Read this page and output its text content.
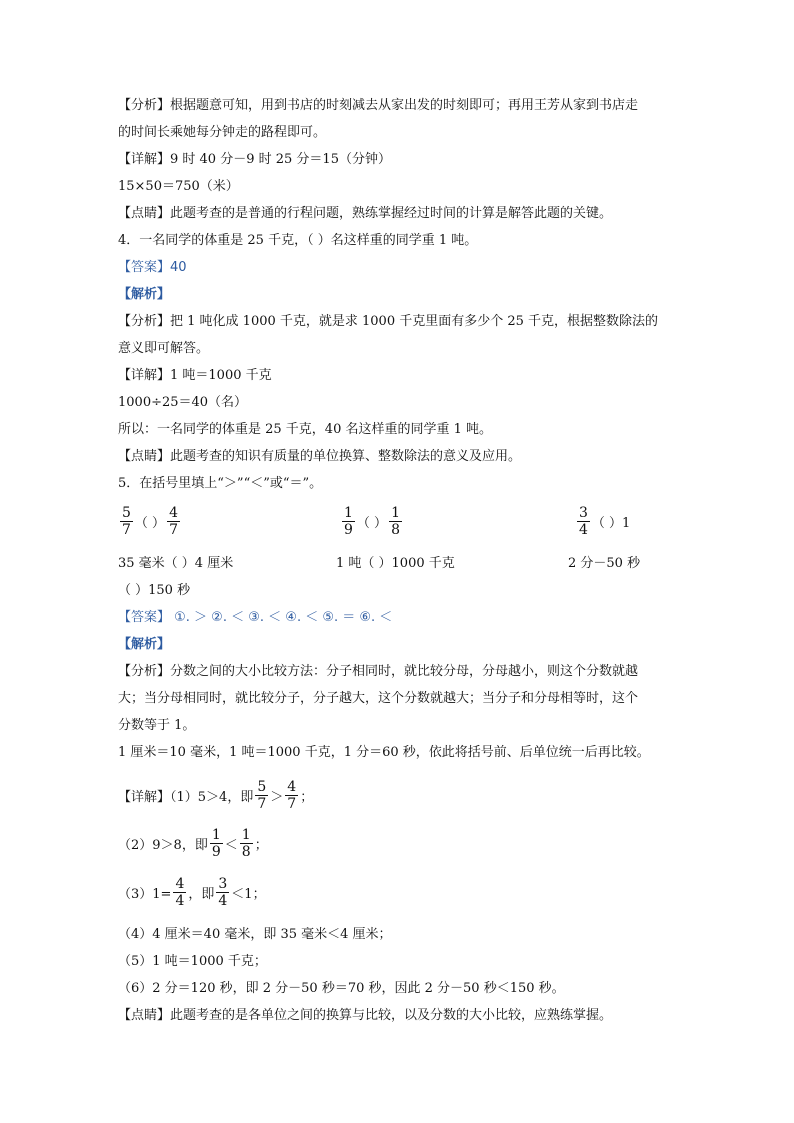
【分析】根据题意可知，用到书店的时刻减去从家出发的时刻即可；再用王芳从家到书店走
的时间长乘她每分钟走的路程即可。
【详解】9 时 40 分－9 时 25 分＝15（分钟）
15×50＝750（米）
【点睛】此题考查的是普通的行程问题，熟练掌握经过时间的计算是解答此题的关键。
4．一名同学的体重是 25 千克，（ ）名这样重的同学重 1 吨。
【答案】40
【解析】
【分析】把 1 吨化成 1000 千克，就是求 1000 千克里面有多少个 25 千克，根据整数除法的
意义即可解答。
【详解】1 吨＝1000 千克
1000÷25＝40（名）
所以：一名同学的体重是 25 千克，40 名这样重的同学重 1 吨。
【点睛】此题考查的知识有质量的单位换算、整数除法的意义及应用。
5．在括号里填上“＞”“＜”或“＝”。
$\frac{5}{7}$ （ ） $\frac{4}{7}$	$\frac{1}{9}$ （ ） $\frac{1}{8}$	$\frac{3}{4}$ （ ）1
35 毫米（ ）4 厘米	1 吨（ ）1000 千克	2 分－50 秒
（ ）150 秒
【答案】 ①. ＞ ②. ＜ ③. ＜ ④. ＜ ⑤. ＝ ⑥. ＜
【解析】
【分析】分数之间的大小比较方法：分子相同时，就比较分母，分母越小，则这个分数就越
大；当分母相同时，就比较分子，分子越大，这个分数就越大；当分子和分母相等时，这个
分数等于 1。
1 厘米＝10 毫米，1 吨＝1000 千克，1 分＝60 秒，依此将括号前、后单位统一后再比较。
【详解】（1）5＞4，即 $\frac{5}{7} > \frac{4}{7}$ ；
（2）9＞8，即 $\frac{1}{9} < \frac{1}{8}$ ；
$(3)1= \frac{4}{4}$ ，即 $\frac{3}{4} <1$；
（4）4 厘米＝40 毫米，即 35 毫米＜4 厘米；
（5）1 吨＝1000 千克；
（6）2 分＝120 秒，即 2 分－50 秒＝70 秒，因此 2 分－50 秒＜150 秒。
【点睛】此题考查的是各单位之间的换算与比较，以及分数的大小比较，应熟练掌握。
